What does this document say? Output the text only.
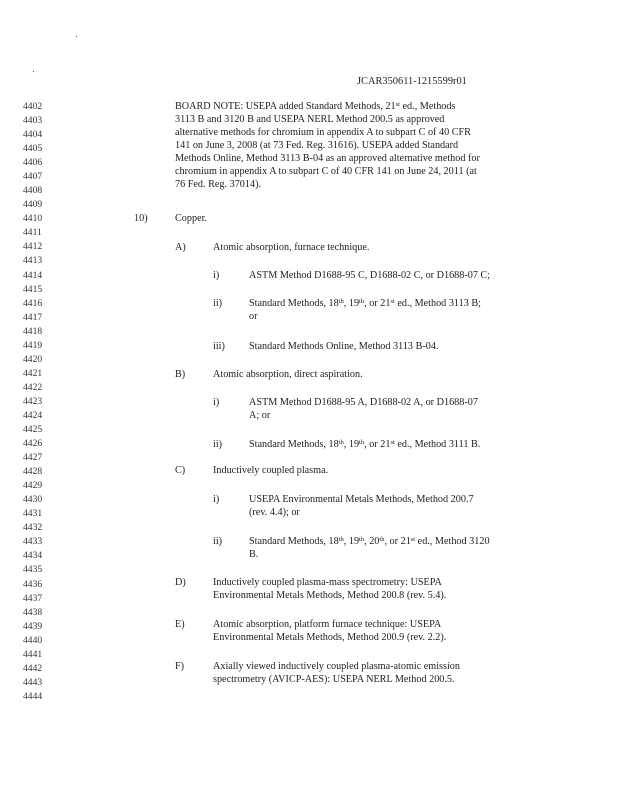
JCAR350611-1215599r01
4402
4403
4404
4405
4406
4407
4408
4409
4410
4411
4412
4413
4414
4415
4416
4417
4418
4419
4420
4421
4422
4423
4424
4425
4426
4427
4428
4429
4430
4431
4432
4433
4434
4435
4436
4437
4438
4439
4440
4441
4442
4443
4444
BOARD NOTE: USEPA added Standard Methods, 21st ed., Methods
3113 B and 3120 B and USEPA NERL Method 200.5 as approved
alternative methods for chromium in appendix A to subpart C of 40 CFR
141 on June 3, 2008 (at 73 Fed. Reg. 31616). USEPA added Standard
Methods Online, Method 3113 B-04 as an approved alternative method for
chromium in appendix A to subpart C of 40 CFR 141 on June 24, 2011 (at
76 Fed. Reg. 37014).
10)	Copper.
A)	Atomic absorption, furnace technique.
i)	ASTM Method D1688-95 C, D1688-02 C, or D1688-07 C;
ii)	Standard Methods, 18th, 19th, or 21st ed., Method 3113 B;
or
iii) Standard Methods Online, Method 3113 B-04.
B)	Atomic absorption, direct aspiration.
i)	ASTM Method D1688-95 A, D1688-02 A, or D1688-07
A; or
ii)	Standard Methods, 18th, 19th, or 21st ed., Method 3111 B.
C)	Inductively coupled plasma.
i)	USEPA Environmental Metals Methods, Method 200.7
(rev. 4.4); or
ii)	Standard Methods, 18th, 19th, 20th, or 21st ed., Method 3120
B.
D)	Inductively coupled plasma-mass spectrometry: USEPA
Environmental Metals Methods, Method 200.8 (rev. 5.4).
E)	Atomic absorption, platform furnace technique: USEPA
Environmental Metals Methods, Method 200.9 (rev. 2.2).
F)	Axially viewed inductively coupled plasma-atomic emission
spectrometry (AVICP-AES): USEPA NERL Method 200.5.
